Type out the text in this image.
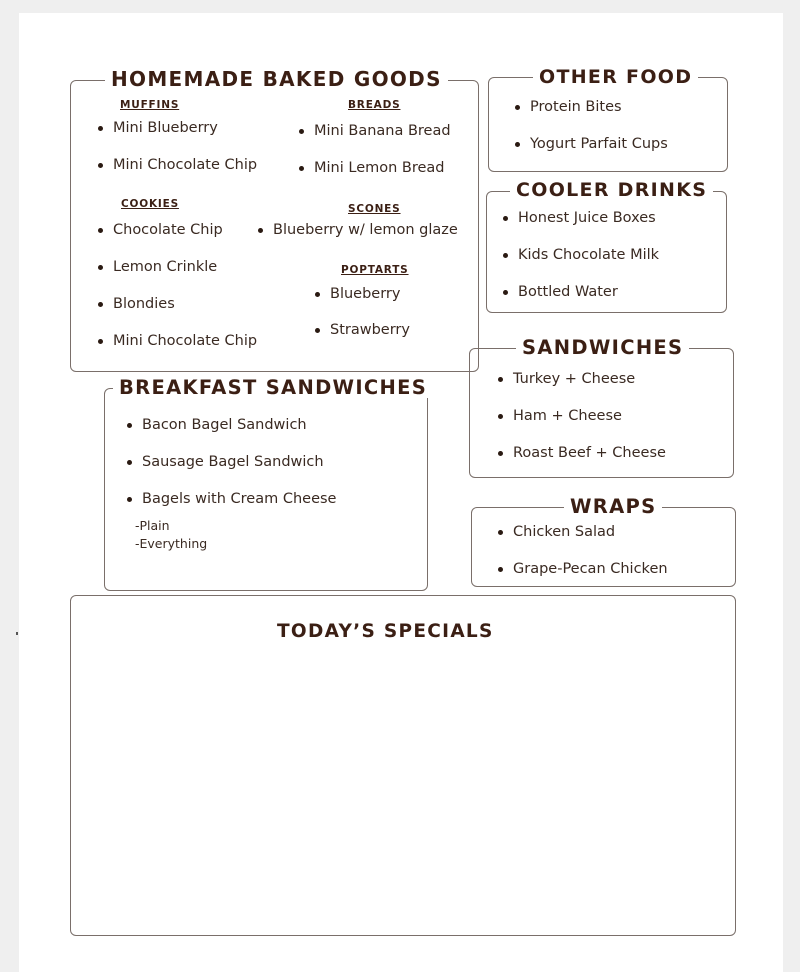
HOMEMADE BAKED GOODS
MUFFINS
Mini Blueberry
Mini Chocolate Chip
BREADS
Mini Banana Bread
Mini Lemon Bread
COOKIES
Chocolate Chip
Lemon Crinkle
Blondies
Mini Chocolate Chip
SCONES
Blueberry w/ lemon glaze
POPTARTS
Blueberry
Strawberry
OTHER FOOD
Protein Bites
Yogurt Parfait Cups
COOLER DRINKS
Honest Juice Boxes
Kids Chocolate Milk
Bottled Water
BREAKFAST SANDWICHES
Bacon Bagel Sandwich
Sausage Bagel Sandwich
Bagels with Cream Cheese
-Plain
-Everything
SANDWICHES
Turkey + Cheese
Ham + Cheese
Roast Beef + Cheese
WRAPS
Chicken Salad
Grape-Pecan Chicken
TODAY’S SPECIALS
